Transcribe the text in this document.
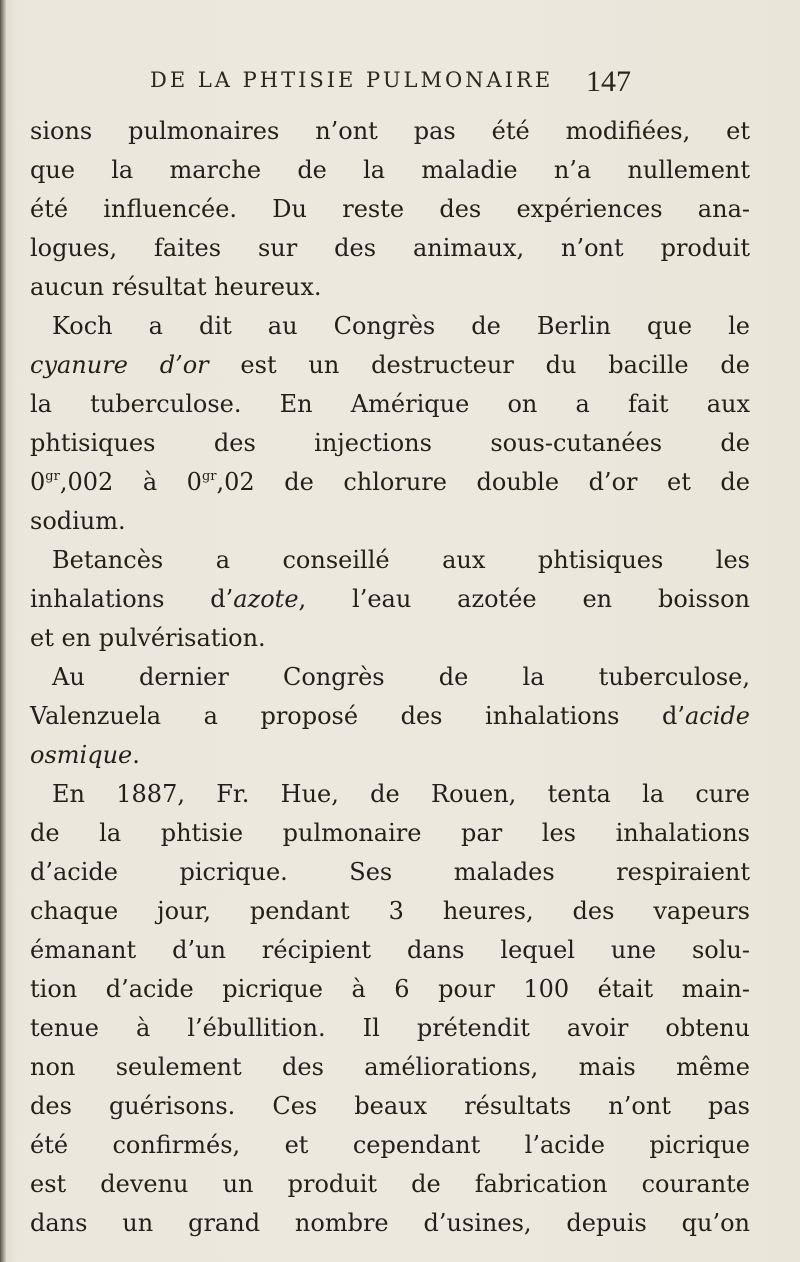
DE LA PHTISIE PULMONAIRE 147
sions pulmonaires n’ont pas été modifiées, et
que la marche de la maladie n’a nullement
été influencée. Du reste des expériences ana-
logues, faites sur des animaux, n’ont produit
aucun résultat heureux.
Koch a dit au Congrès de Berlin que le
cyanure d’or est un destructeur du bacille de
la tuberculose. En Amérique on a fait aux
phtisiques des injections sous-cutanées de
$0^{gr},002$ à $0^{gr},02$ de chlorure double d’or et de
sodium.
Betancès a conseillé aux phtisiques les
inhalations d’azote, l’eau azotée en boisson
et en pulvérisation.
Au dernier Congrès de la tuberculose,
Valenzuela a proposé des inhalations d’acide
osmique.
En 1887, Fr. Hue, de Rouen, tenta la cure
de la phtisie pulmonaire par les inhalations
d’acide picrique. Ses malades respiraient
chaque jour, pendant 3 heures, des vapeurs
émanant d’un récipient dans lequel une solu-
tion d’acide picrique à 6 pour 100 était main-
tenue à l’ébullition. Il prétendit avoir obtenu
non seulement des améliorations, mais même
des guérisons. Ces beaux résultats n’ont pas
été confirmés, et cependant l’acide picrique
est devenu un produit de fabrication courante
dans un grand nombre d’usines, depuis qu’on
